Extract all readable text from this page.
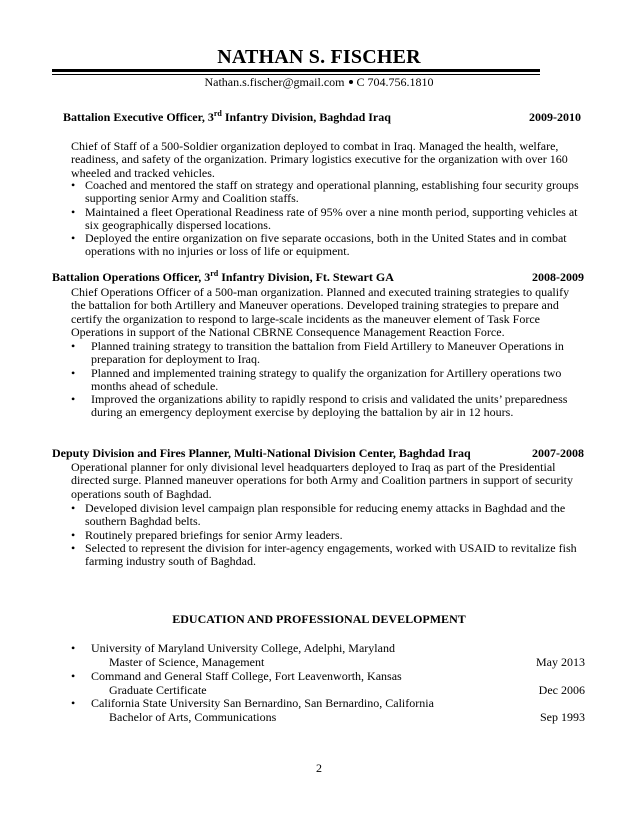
NATHAN S. FISCHER
Nathan.s.fischer@gmail.com C 704.756.1810
Battalion Executive Officer, 3rd Infantry Division, Baghdad Iraq	2009-2010
Chief of Staff of a 500-Soldier organization deployed to combat in Iraq. Managed the health, welfare, readiness, and safety of the organization. Primary logistics executive for the organization with over 160 wheeled and tracked vehicles.
• Coached and mentored the staff on strategy and operational planning, establishing four security groups supporting senior Army and Coalition staffs.
• Maintained a fleet Operational Readiness rate of 95% over a nine month period, supporting vehicles at six geographically dispersed locations.
• Deployed the entire organization on five separate occasions, both in the United States and in combat operations with no injuries or loss of life or equipment.
Battalion Operations Officer, 3rd Infantry Division, Ft. Stewart GA	2008-2009
Chief Operations Officer of a 500-man organization. Planned and executed training strategies to qualify the battalion for both Artillery and Maneuver operations. Developed training strategies to prepare and certify the organization to respond to large-scale incidents as the maneuver element of Task Force Operations in support of the National CBRNE Consequence Management Reaction Force.
•	Planned training strategy to transition the battalion from Field Artillery to Maneuver Operations in preparation for deployment to Iraq.
•	Planned and implemented training strategy to qualify the organization for Artillery operations two months ahead of schedule.
•	Improved the organizations ability to rapidly respond to crisis and validated the units’ preparedness during an emergency deployment exercise by deploying the battalion by air in 12 hours.
Deputy Division and Fires Planner, Multi-National Division Center, Baghdad Iraq	2007-2008
Operational planner for only divisional level headquarters deployed to Iraq as part of the Presidential directed surge. Planned maneuver operations for both Army and Coalition partners in support of security operations south of Baghdad.
• Developed division level campaign plan responsible for reducing enemy attacks in Baghdad and the southern Baghdad belts.
• Routinely prepared briefings for senior Army leaders.
• Selected to represent the division for inter-agency engagements, worked with USAID to revitalize fish farming industry south of Baghdad.
EDUCATION AND PROFESSIONAL DEVELOPMENT
•	University of Maryland University College, Adelphi, Maryland
Master of Science, Management	May 2013
•	Command and General Staff College, Fort Leavenworth, Kansas
Graduate Certificate	Dec 2006
•	California State University San Bernardino, San Bernardino, California
Bachelor of Arts, Communications	Sep 1993
2
